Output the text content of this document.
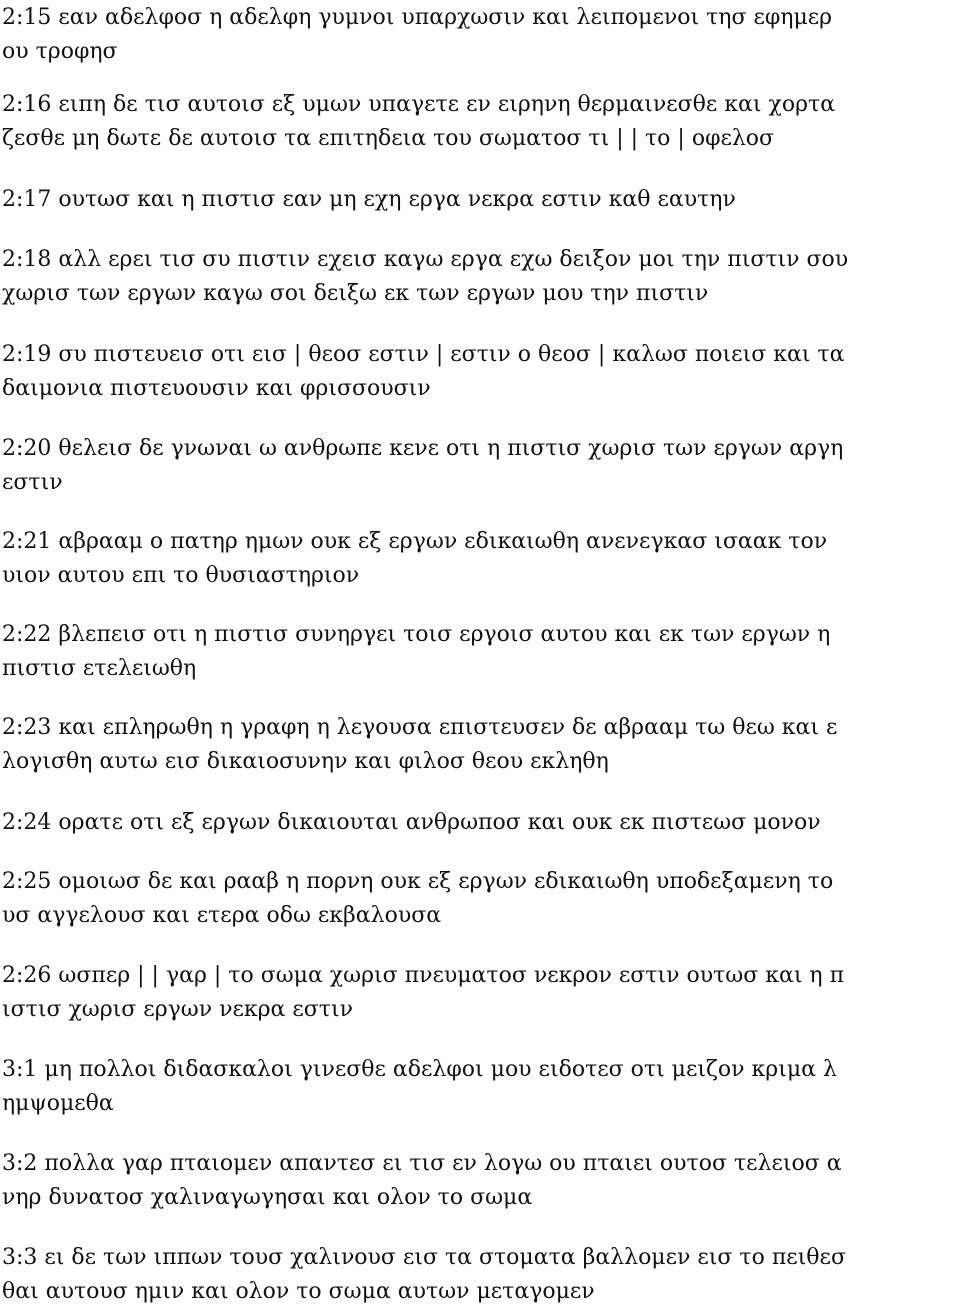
2:15 εαν αδελφοσ η αδελφη γυμνοι υπαρχωσιν και λειπομενοι τησ εφημερ
ου τροφησ
2:16 ειπη δε τισ αυτοισ εξ υμων υπαγετε εν ειρηνη θερμαινεσθε και χορτα
ζεσθε μη δωτε δε αυτοισ τα επιτηδεια του σωματοσ τι | | το | οφελοσ
2:17 ουτωσ και η πιστισ εαν μη εχη εργα νεκρα εστιν καθ εαυτην
2:18 αλλ ερει τισ συ πιστιν εχεισ καγω εργα εχω δειξον μοι την πιστιν σου
χωρισ των εργων καγω σοι δειξω εκ των εργων μου την πιστιν
2:19 συ πιστευεισ οτι εισ | θεοσ εστιν | εστιν ο θεοσ | καλωσ ποιεισ και τα
δαιμονια πιστευουσιν και φρισσουσιν
2:20 θελεισ δε γνωναι ω ανθρωπε κενε οτι η πιστισ χωρισ των εργων αργη
εστιν
2:21 αβρααμ ο πατηρ ημων ουκ εξ εργων εδικαιωθη ανενεγκασ ισαακ τον
υιον αυτου επι το θυσιαστηριον
2:22 βλεπεισ οτι η πιστισ συνηργει τοισ εργοισ αυτου και εκ των εργων η
πιστισ ετελειωθη
2:23 και επληρωθη η γραφη η λεγουσα επιστευσεν δε αβρααμ τω θεω και ε
λογισθη αυτω εισ δικαιοσυνην και φιλοσ θεου εκληθη
2:24 ορατε οτι εξ εργων δικαιουται ανθρωποσ και ουκ εκ πιστεωσ μονον
2:25 ομοιωσ δε και ρααβ η πορνη ουκ εξ εργων εδικαιωθη υποδεξαμενη το
υσ αγγελουσ και ετερα οδω εκβαλουσα
2:26 ωσπερ | | γαρ | το σωμα χωρισ πνευματοσ νεκρον εστιν ουτωσ και η π
ιστισ χωρισ εργων νεκρα εστιν
3:1 μη πολλοι διδασκαλοι γινεσθε αδελφοι μου ειδοτεσ οτι μειζον κριμα λ
ημψομεθα
3:2 πολλα γαρ πταιομεν απαντεσ ει τισ εν λογω ου πταιει ουτοσ τελειοσ α
νηρ δυνατοσ χαλιναγωγησαι και ολον το σωμα
3:3 ει δε των ιππων τουσ χαλινουσ εισ τα στοματα βαλλομεν εισ το πειθεσ
θαι αυτουσ ημιν και ολον το σωμα αυτων μεταγομεν
